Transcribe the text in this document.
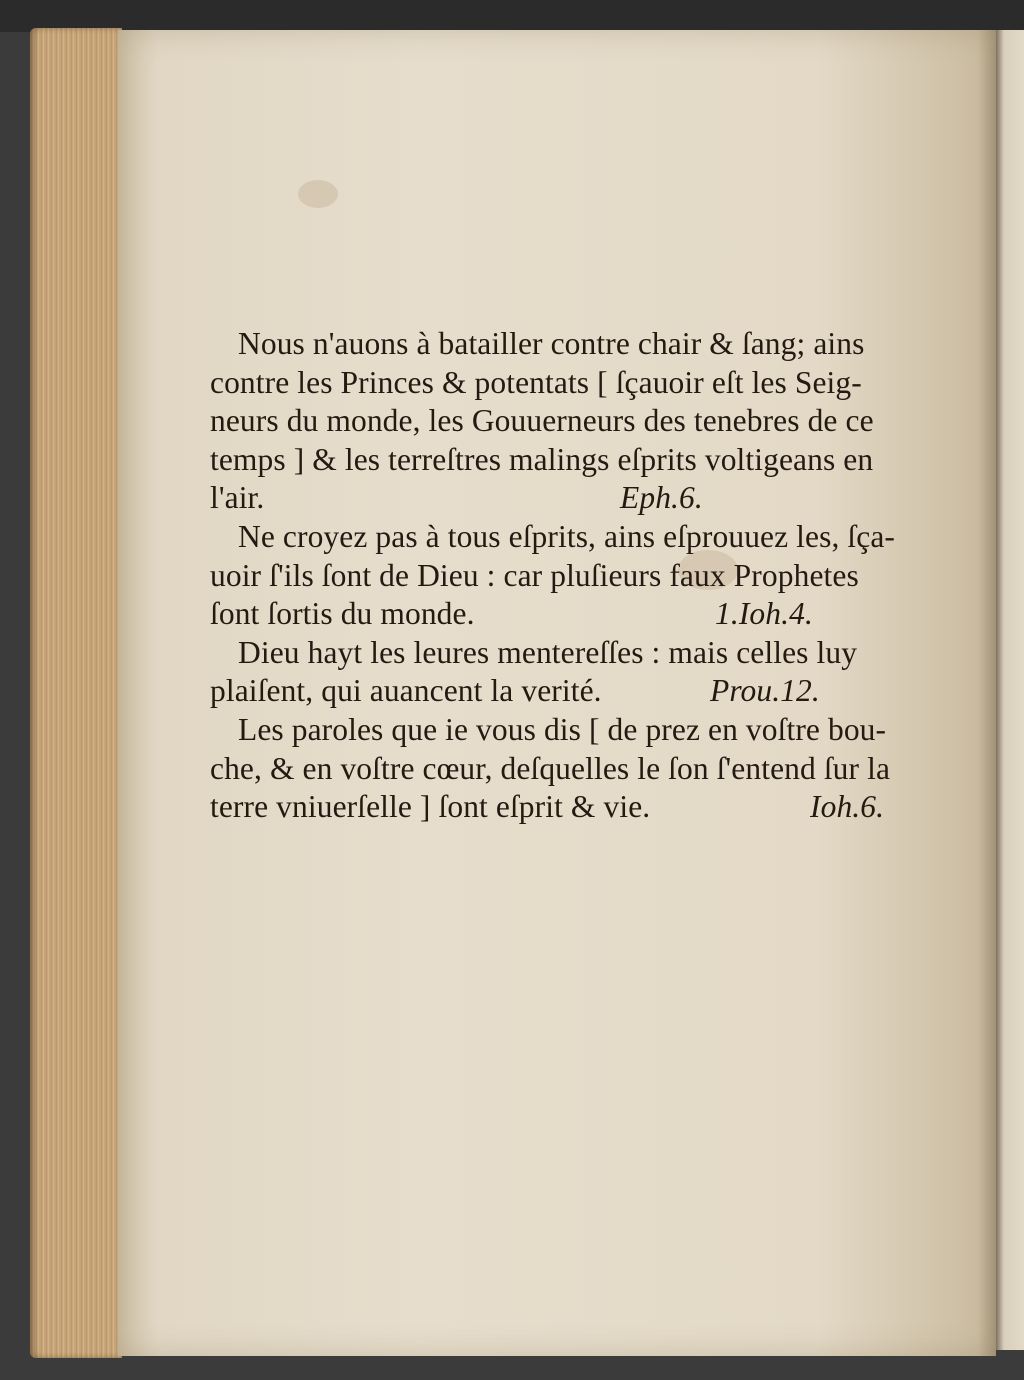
Nous n'auons à batailler contre chair & ſang; ains
contre les Princes & potentats [ ſçauoir eſt les Seig-
neurs du monde, les Gouuerneurs des tenebres de ce
temps ] & les terreſtres malings eſprits voltigeans en
l'air.	Eph.6.
Ne croyez pas à tous eſprits, ains eſprouuez les, ſça-
uoir ſ'ils ſont de Dieu : car pluſieurs faux Prophetes
ſont ſortis du monde.	1.Ioh.4.
Dieu hayt les leures mentereſſes : mais celles luy
plaiſent, qui auancent la verité.	Prou.12.
Les paroles que ie vous dis [ de prez en voſtre bou-
che, & en voſtre cœur, deſquelles le ſon ſ'entend ſur la
terre vniuerſelle ] ſont eſprit & vie.	Ioh.6.
